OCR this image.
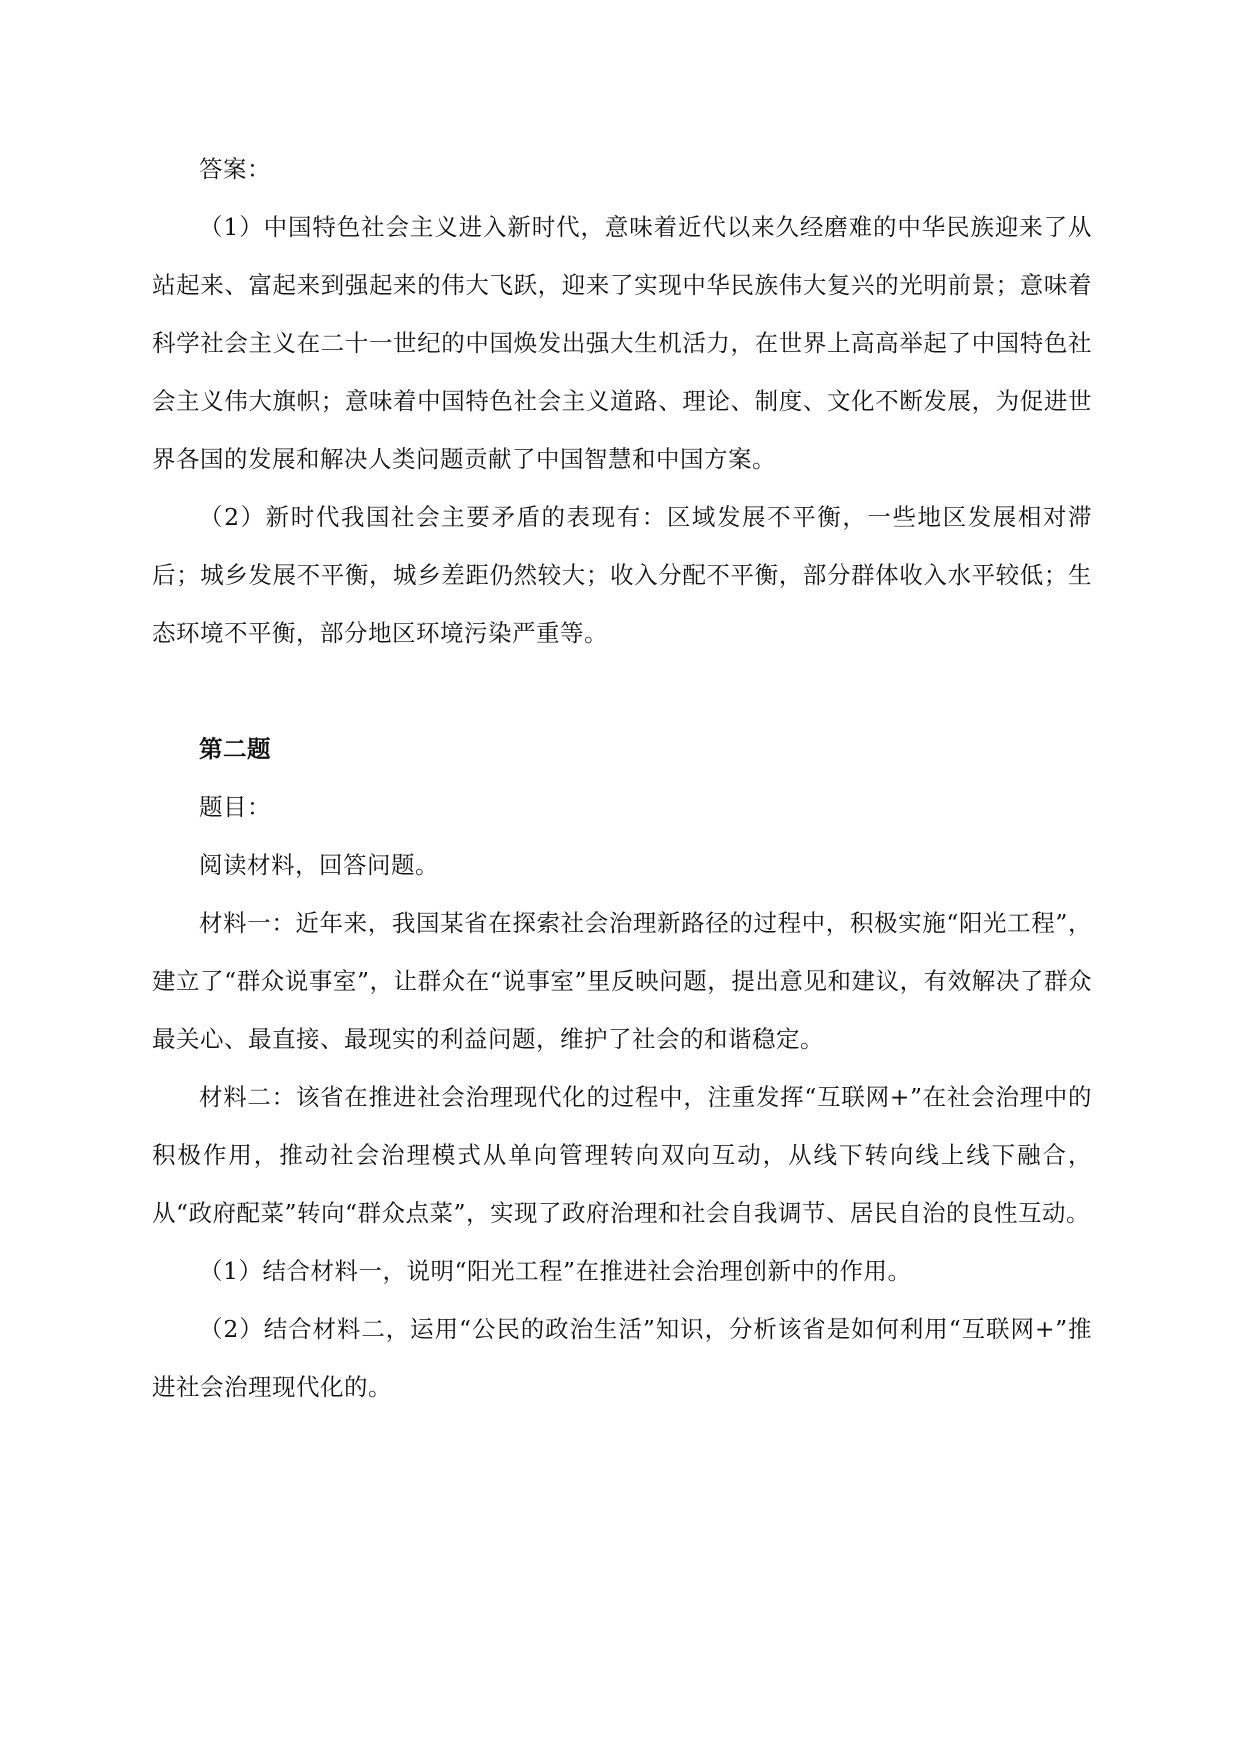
答案：

（1）中国特色社会主义进入新时代，意味着近代以来久经磨难的中华民族迎来了从站起来、富起来到强起来的伟大飞跃，迎来了实现中华民族伟大复兴的光明前景；意味着科学社会主义在二十一世纪的中国焕发出强大生机活力，在世界上高高举起了中国特色社会主义伟大旗帜；意味着中国特色社会主义道路、理论、制度、文化不断发展，为促进世界各国的发展和解决人类问题贡献了中国智慧和中国方案。

（2）新时代我国社会主要矛盾的表现有：区域发展不平衡，一些地区发展相对滞后；城乡发展不平衡，城乡差距仍然较大；收入分配不平衡，部分群体收入水平较低；生态环境不平衡，部分地区环境污染严重等。

第二题

题目：

阅读材料，回答问题。

材料一：近年来，我国某省在探索社会治理新路径的过程中，积极实施“阳光工程”，建立了“群众说事室”，让群众在“说事室”里反映问题，提出意见和建议，有效解决了群众最关心、最直接、最现实的利益问题，维护了社会的和谐稳定。

材料二：该省在推进社会治理现代化的过程中，注重发挥“互联网+”在社会治理中的积极作用，推动社会治理模式从单向管理转向双向互动，从线下转向线上线下融合，从“政府配菜”转向“群众点菜”，实现了政府治理和社会自我调节、居民自治的良性互动。

（1）结合材料一，说明“阳光工程”在推进社会治理创新中的作用。

（2）结合材料二，运用“公民的政治生活”知识，分析该省是如何利用“互联网+”推进社会治理现代化的。
